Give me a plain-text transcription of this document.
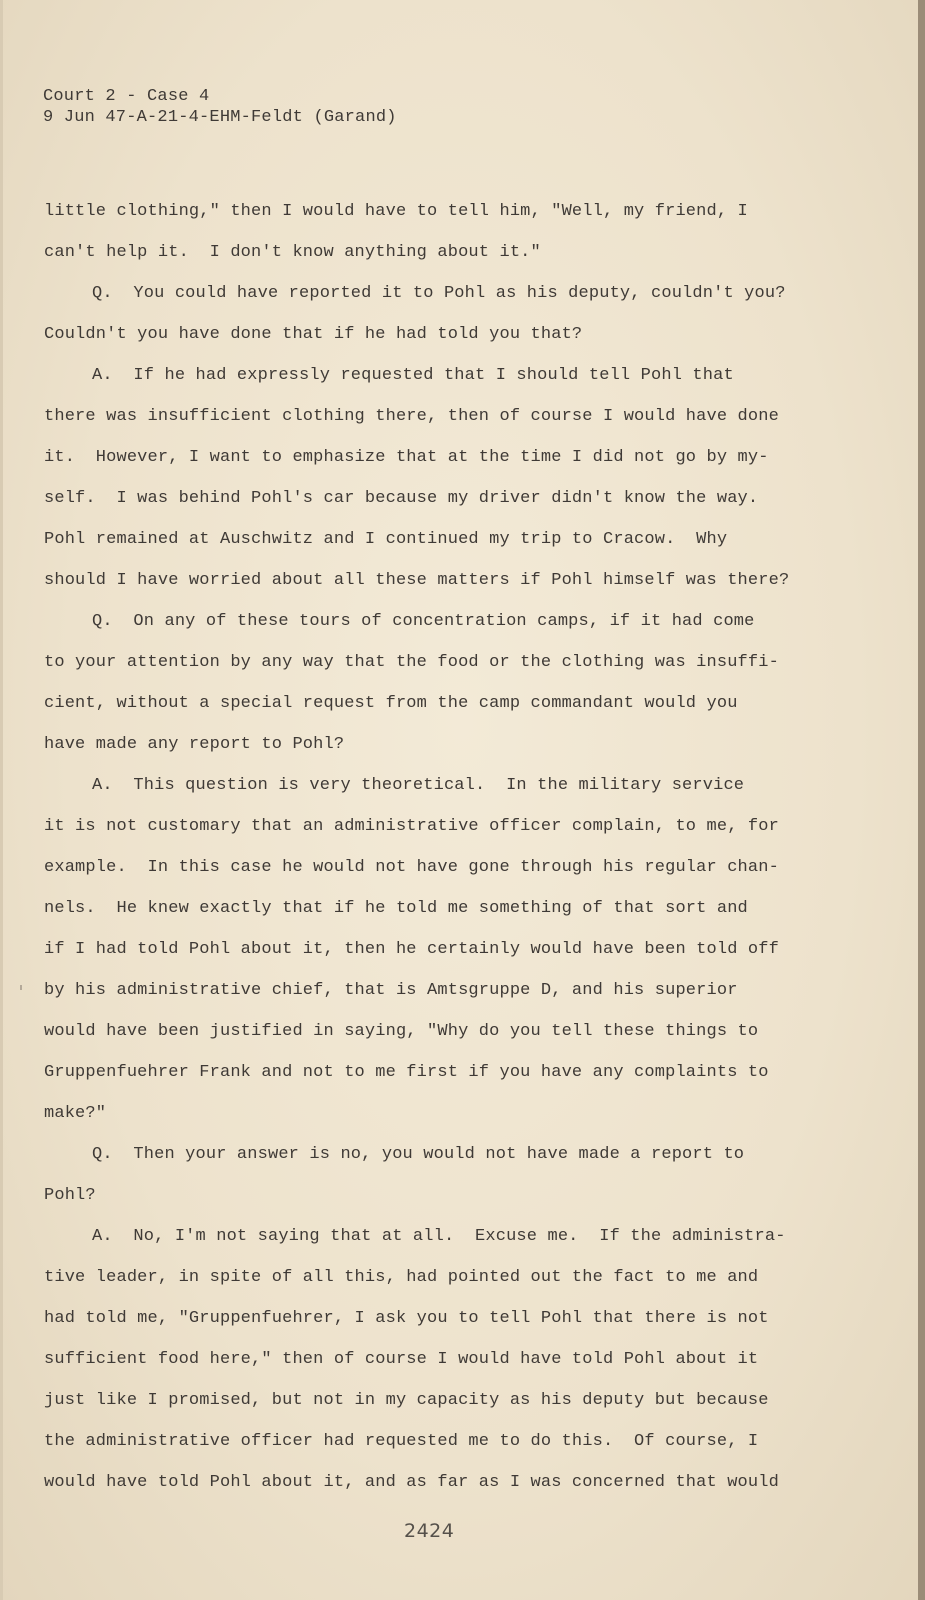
Court 2 - Case 4
9 Jun 47-A-21-4-EHM-Feldt (Garand)
little clothing," then I would have to tell him, "Well, my friend, I
can't help it.  I don't know anything about it."
Q.  You could have reported it to Pohl as his deputy, couldn't you?
Couldn't you have done that if he had told you that?
A.  If he had expressly requested that I should tell Pohl that
there was insufficient clothing there, then of course I would have done
it.  However, I want to emphasize that at the time I did not go by my-
self.  I was behind Pohl's car because my driver didn't know the way.
Pohl remained at Auschwitz and I continued my trip to Cracow.  Why
should I have worried about all these matters if Pohl himself was there?
Q.  On any of these tours of concentration camps, if it had come
to your attention by any way that the food or the clothing was insuffi-
cient, without a special request from the camp commandant would you
have made any report to Pohl?
A.  This question is very theoretical.  In the military service
it is not customary that an administrative officer complain, to me, for
example.  In this case he would not have gone through his regular chan-
nels.  He knew exactly that if he told me something of that sort and
if I had told Pohl about it, then he certainly would have been told off
by his administrative chief, that is Amtsgruppe D, and his superior
would have been justified in saying, "Why do you tell these things to
Gruppenfuehrer Frank and not to me first if you have any complaints to
make?"
Q.  Then your answer is no, you would not have made a report to
Pohl?
A.  No, I'm not saying that at all.  Excuse me.  If the administra-
tive leader, in spite of all this, had pointed out the fact to me and
had told me, "Gruppenfuehrer, I ask you to tell Pohl that there is not
sufficient food here," then of course I would have told Pohl about it
just like I promised, but not in my capacity as his deputy but because
the administrative officer had requested me to do this.  Of course, I
would have told Pohl about it, and as far as I was concerned that would
2424
